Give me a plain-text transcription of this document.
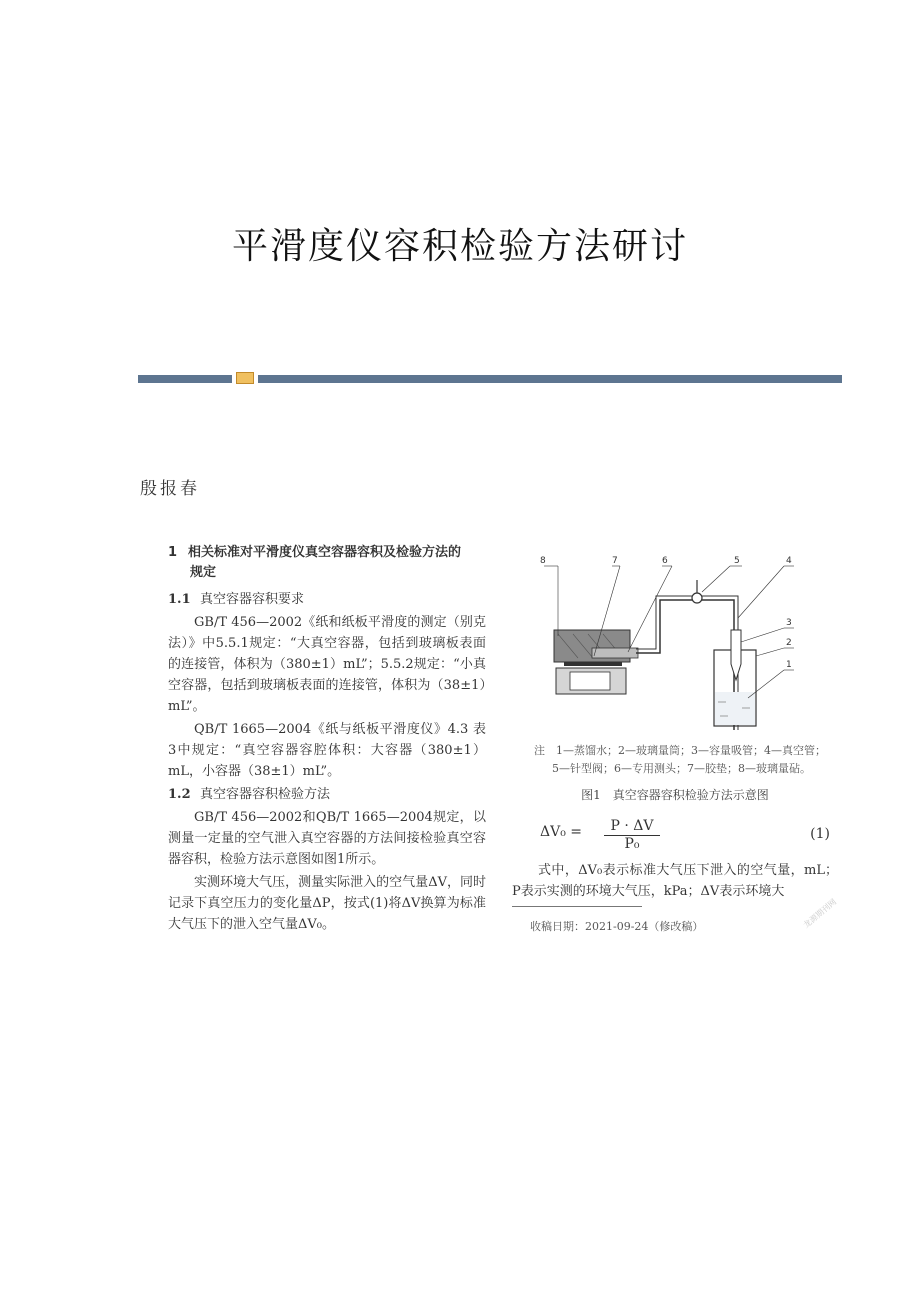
平滑度仪容积检验方法研讨
殷报春
1 相关标准对平滑度仪真空容器容积及检验方法的
规定
1.1 真空容器容积要求
GB/T 456—2002《纸和纸板平滑度的测定（别克法）》中5.5.1规定：“大真空容器，包括到玻璃板表面的连接管，体积为（380±1）mL”；5.5.2规定：“小真空容器，包括到玻璃板表面的连接管，体积为（38±1）mL”。
QB/T 1665—2004《纸与纸板平滑度仪》4.3 表3中规定：“真空容器容腔体积：大容器（380±1）mL，小容器（38±1）mL”。
1.2 真空容器容积检验方法
GB/T 456—2002和QB/T 1665—2004规定，以测量一定量的空气泄入真空容器的方法间接检验真空容器容积，检验方法示意图如图1所示。
实测环境大气压，测量实际泄入的空气量ΔV，同时记录下真空压力的变化量ΔP，按式(1)将ΔV换算为标准大气压下的泄入空气量ΔV₀。
8	7	6	5	4
3
2
1
注　1—蒸馏水；2—玻璃量筒；3—容量吸管；4—真空管；
5—针型阀；6—专用测头；7—胶垫；8—玻璃量砧。
图1　真空容器容积检验方法示意图
$\Delta V_0 = \frac{P \cdot \Delta V}{\text{P₀}}$	(1)
式中，ΔV₀表示标准大气压下泄入的空气量，mL；P表示实测的环境大气压，kPa；ΔV表示环境大
收稿日期：2021-09-24（修改稿）	龙源期刊网
